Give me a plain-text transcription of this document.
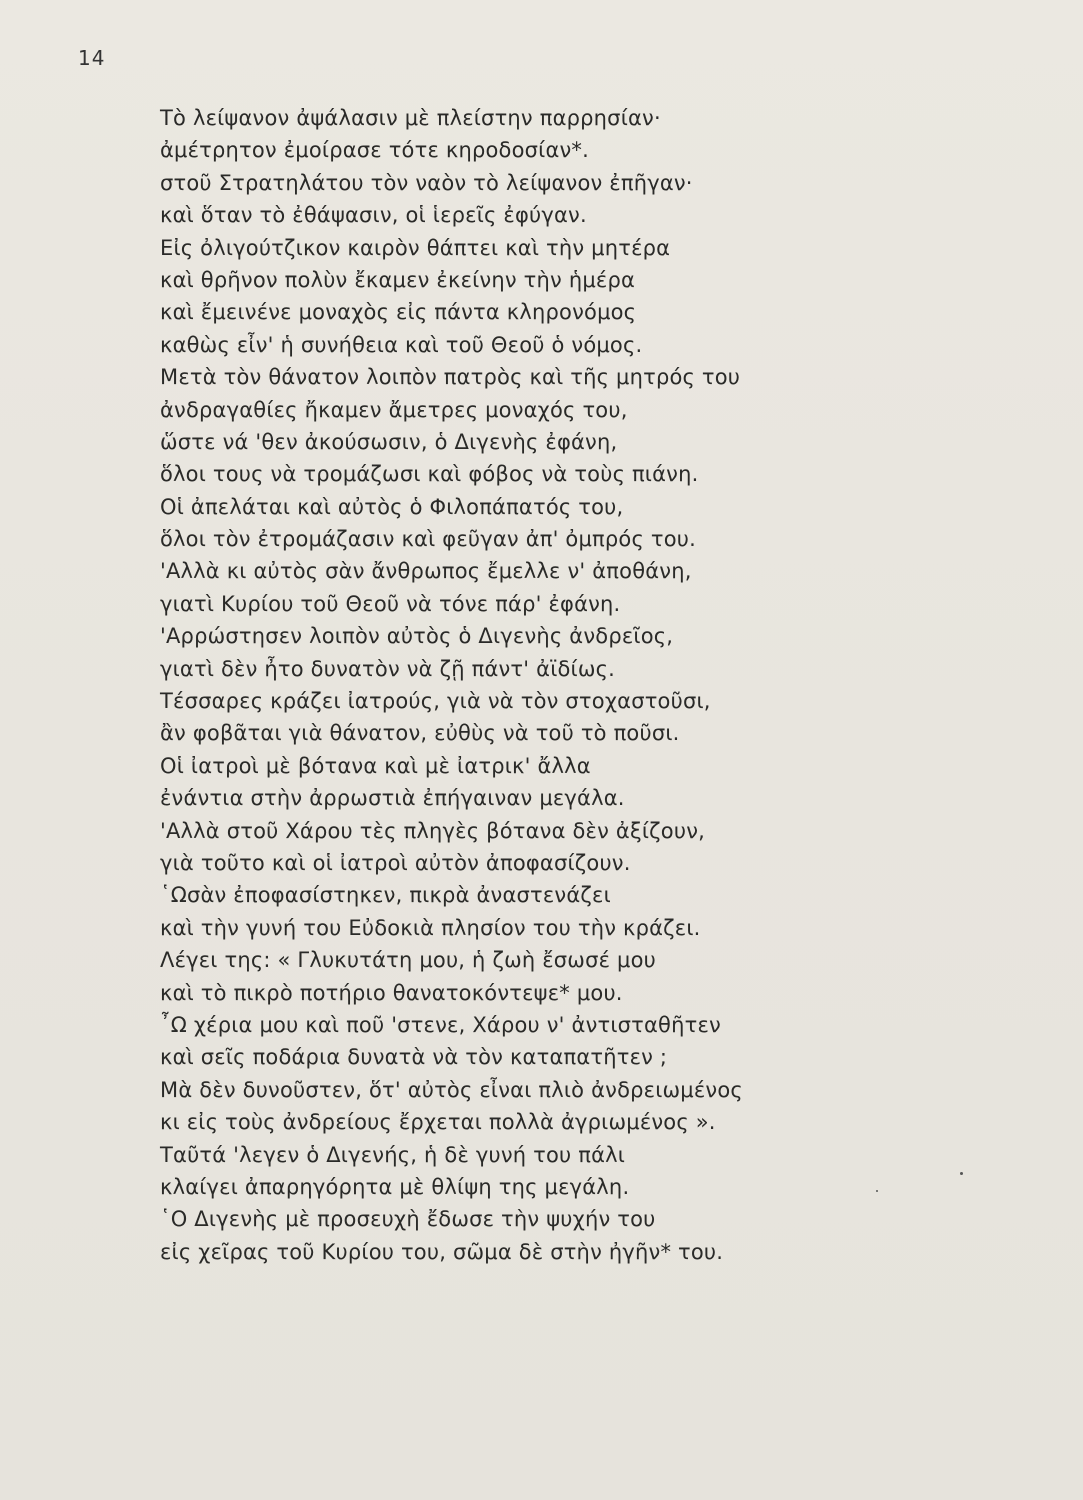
14
Τὸ λείψανον ἀψάλασιν μὲ πλείστην παρρησίαν·
ἀμέτρητον ἐμοίρασε τότε κηροδοσίαν*.
στοῦ Στρατηλάτου τὸν ναὸν τὸ λείψανον ἐπῆγαν·
καὶ ὅταν τὸ ἐθάψασιν, οἱ ἱερεῖς ἐφύγαν.
Εἰς ὀλιγούτζικον καιρὸν θάπτει καὶ τὴν μητέρα
καὶ θρῆνον πολὺν ἔκαμεν ἐκείνην τὴν ἡμέρα
καὶ ἔμεινένε μοναχὸς εἰς πάντα κληρονόμος
καθὼς εἶν' ἡ συνήθεια καὶ τοῦ Θεοῦ ὁ νόμος.
Μετὰ τὸν θάνατον λοιπὸν πατρὸς καὶ τῆς μητρός του
ἀνδραγαθίες ἤκαμεν ἄμετρες μοναχός του,
ὥστε νά 'θεν ἀκούσωσιν, ὁ Διγενὴς ἐφάνη,
ὅλοι τους νὰ τρομάζωσι καὶ φόβος νὰ τοὺς πιάνη.
Οἱ ἀπελάται καὶ αὐτὸς ὁ Φιλοπάπατός του,
ὅλοι τὸν ἐτρομάζασιν καὶ φεῦγαν ἀπ' ὀμπρός του.
'Αλλὰ κι αὐτὸς σὰν ἄνθρωπος ἔμελλε ν' ἀποθάνη,
γιατὶ Κυρίου τοῦ Θεοῦ νὰ τόνε πάρ' ἐφάνη.
'Αρρώστησεν λοιπὸν αὐτὸς ὁ Διγενὴς ἀνδρεῖος,
γιατὶ δὲν ἦτο δυνατὸν νὰ ζῇ πάντ' ἀϊδίως.
Τέσσαρες κράζει ἰατρούς, γιὰ νὰ τὸν στοχαστοῦσι,
ἂν φοβᾶται γιὰ θάνατον, εὐθὺς νὰ τοῦ τὸ ποῦσι.
Οἱ ἰατροὶ μὲ βότανα καὶ μὲ ἰατρικ' ἄλλα
ἐνάντια στὴν ἀρρωστιὰ ἐπήγαιναν μεγάλα.
'Αλλὰ στοῦ Χάρου τὲς πληγὲς βότανα δὲν ἀξίζουν,
γιὰ τοῦτο καὶ οἱ ἰατροὶ αὐτὸν ἀποφασίζουν.
῾Ωσὰν ἐποφασίστηκεν, πικρὰ ἀναστενάζει
καὶ τὴν γυνή του Εὐδοκιὰ πλησίον του τὴν κράζει.
Λέγει της: « Γλυκυτάτη μου, ἡ ζωὴ ἔσωσέ μου
καὶ τὸ πικρὸ ποτήριο θανατοκόντεψε* μου.
῏Ω χέρια μου καὶ ποῦ 'στενε, Χάρου ν' ἀντισταθῆτεν
καὶ σεῖς ποδάρια δυνατὰ νὰ τὸν καταπατῆτεν ;
Μὰ δὲν δυνοῦστεν, ὅτ' αὐτὸς εἶναι πλιὸ ἀνδρειωμένος
κι εἰς τοὺς ἀνδρείους ἔρχεται πολλὰ ἀγριωμένος ».
Ταῦτά 'λεγεν ὁ Διγενής, ἡ δὲ γυνή του πάλι
κλαίγει ἀπαρηγόρητα μὲ θλίψη της μεγάλη.
῾Ο Διγενὴς μὲ προσευχὴ ἔδωσε τὴν ψυχήν του
εἰς χεῖρας τοῦ Κυρίου του, σῶμα δὲ στὴν ἠγῆν* του.
